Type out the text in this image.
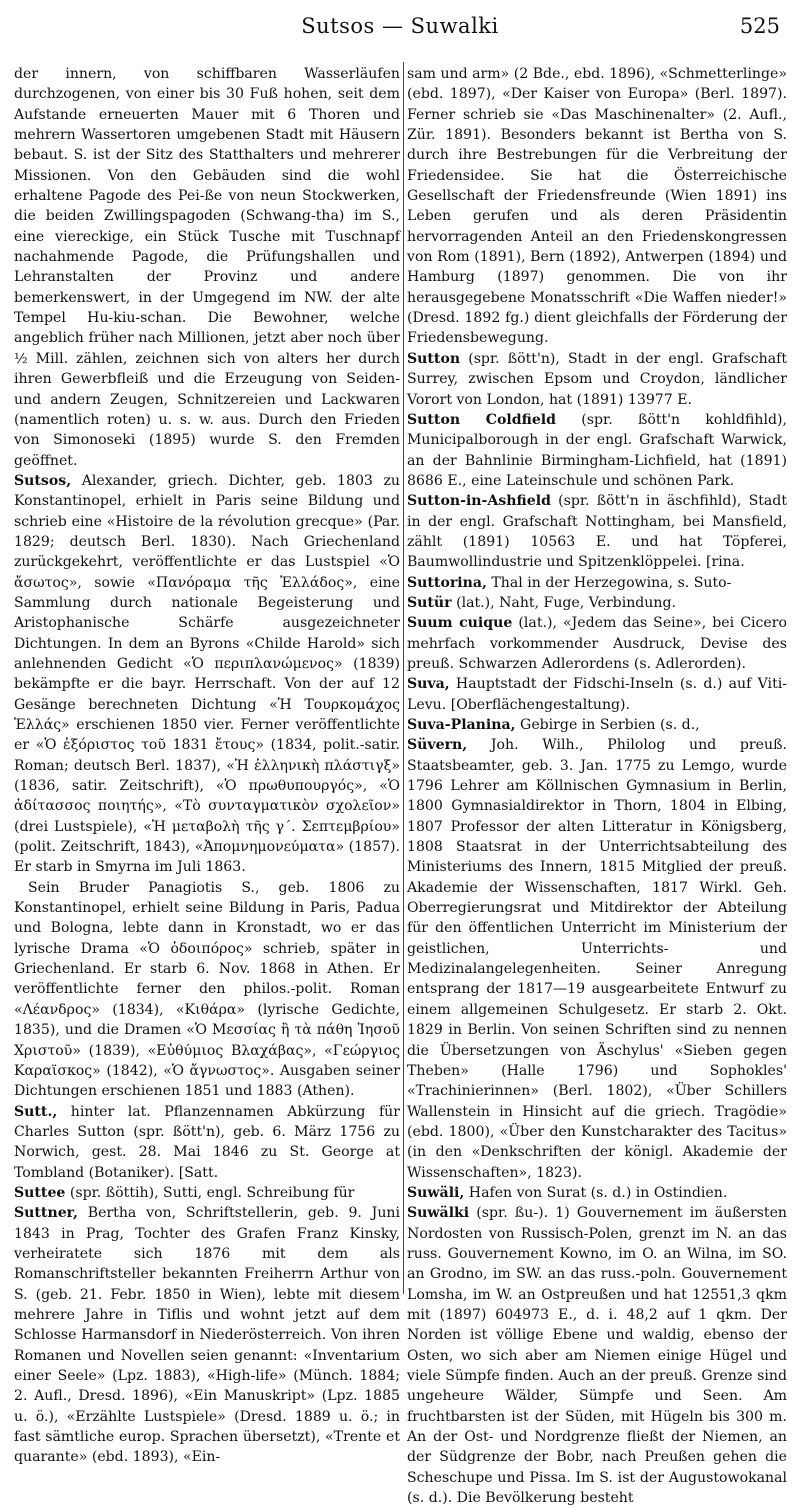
Sutsos — Suwalki	525

der innern, von schiffbaren Wasserläufen durchzogenen, von einer bis 30 Fuß hohen, seit dem Aufstande erneuerten Mauer mit 6 Thoren und mehrern Wassertoren umgebenen Stadt mit Häusern bebaut. S. ist der Sitz des Statthalters und mehrerer Missionen. Von den Gebäuden sind die wohl erhaltene Pagode des Pei-ße von neun Stockwerken, die beiden Zwillingspagoden (Schwang-tha) im S., eine viereckige, ein Stück Tusche mit Tuschnapf nachahmende Pagode, die Prüfungshallen und Lehranstalten der Provinz und andere bemerkenswert, in der Umgegend im NW. der alte Tempel Hu-kiu-schan. Die Bewohner, welche angeblich früher nach Millionen, jetzt aber noch über ½ Mill. zählen, zeichnen sich von alters her durch ihren Gewerbfleiß und die Erzeugung von Seiden- und andern Zeugen, Schnitzereien und Lackwaren (namentlich roten) u. s. w. aus. Durch den Frieden von Simonoseki (1895) wurde S. den Fremden geöffnet.

Sutsos, Alexander, griech. Dichter, geb. 1803 zu Konstantinopel, erhielt in Paris seine Bildung und schrieb eine «Histoire de la révolution grecque» (Par. 1829; deutsch Berl. 1830). Nach Griechenland zurückgekehrt, veröffentlichte er das Lustspiel «Ὁ ἄσωτος», sowie «Πανόραμα τῆς Ἑλλάδος», eine Sammlung durch nationale Begeisterung und Aristophanische Schärfe ausgezeichneter Dichtungen. In dem an Byrons «Childe Harold» sich anlehnenden Gedicht «Ὁ περιπλανώμενος» (1839) bekämpfte er die bayr. Herrschaft. Von der auf 12 Gesänge berechneten Dichtung «Ἡ Τουρκομάχος Ἑλλάς» erschienen 1850 vier. Ferner veröffentlichte er «Ὁ ἐξόριστος τοῦ 1831 ἔτους» (1834, polit.-satir. Roman; deutsch Berl. 1837), «Ἡ ἑλληνικὴ πλάστιγξ» (1836, satir. Zeitschrift), «Ὁ πρωθυπουργός», «Ὁ ἀδίτασσος ποιητής», «Τὸ συνταγματικὸν σχολεῖον» (drei Lustspiele), «Ἡ μεταβολὴ τῆς γ΄. Σεπτεμβρίου» (polit. Zeitschrift, 1843), «Ἀπομνημονεύματα» (1857). Er starb in Smyrna im Juli 1863.

Sein Bruder Panagiotis S., geb. 1806 zu Konstantinopel, erhielt seine Bildung in Paris, Padua und Bologna, lebte dann in Kronstadt, wo er das lyrische Drama «Ὁ ὁδοιπόρος» schrieb, später in Griechenland. Er starb 6. Nov. 1868 in Athen. Er veröffentlichte ferner den philos.-polit. Roman «Λέανδρος» (1834), «Κιθάρα» (lyrische Gedichte, 1835), und die Dramen «Ὁ Μεσσίας ἢ τὰ πάθη Ἰησοῦ Χριστοῦ» (1839), «Εὐθύμιος Βλαχάβας», «Γεώργιος Καραϊσκος» (1842), «Ὁ ἄγνωστος». Ausgaben seiner Dichtungen erschienen 1851 und 1883 (Athen).

Sutt., hinter lat. Pflanzennamen Abkürzung für Charles Sutton (spr. ßött'n), geb. 6. März 1756 zu Norwich, gest. 28. Mai 1846 zu St. George at Tombland (Botaniker). [Satt.

Suttee (spr. ßöttih), Sutti, engl. Schreibung für

Suttner, Bertha von, Schriftstellerin, geb. 9. Juni 1843 in Prag, Tochter des Grafen Franz Kinsky, verheiratete sich 1876 mit dem als Romanschriftsteller bekannten Freiherrn Arthur von S. (geb. 21. Febr. 1850 in Wien), lebte mit diesem mehrere Jahre in Tiflis und wohnt jetzt auf dem Schlosse Harmansdorf in Niederösterreich. Von ihren Romanen und Novellen seien genannt: «Inventarium einer Seele» (Lpz. 1883), «High-life» (Münch. 1884; 2. Aufl., Dresd. 1896), «Ein Manuskript» (Lpz. 1885 u. ö.), «Erzählte Lustspiele» (Dresd. 1889 u. ö.; in fast sämtliche europ. Sprachen übersetzt), «Trente et quarante» (ebd. 1893), «Ein-

sam und arm» (2 Bde., ebd. 1896), «Schmetterlinge» (ebd. 1897), «Der Kaiser von Europa» (Berl. 1897). Ferner schrieb sie «Das Maschinenalter» (2. Aufl., Zür. 1891). Besonders bekannt ist Bertha von S. durch ihre Bestrebungen für die Verbreitung der Friedensidee. Sie hat die Österreichische Gesellschaft der Friedensfreunde (Wien 1891) ins Leben gerufen und als deren Präsidentin hervorragenden Anteil an den Friedenskongressen von Rom (1891), Bern (1892), Antwerpen (1894) und Hamburg (1897) genommen. Die von ihr herausgegebene Monatsschrift «Die Waffen nieder!» (Dresd. 1892 fg.) dient gleichfalls der Förderung der Friedensbewegung.

Sutton (spr. ßött'n), Stadt in der engl. Grafschaft Surrey, zwischen Epsom und Croydon, ländlicher Vorort von London, hat (1891) 13977 E.

Sutton Coldfield (spr. ßött'n kohldfihld), Municipalborough in der engl. Grafschaft Warwick, an der Bahnlinie Birmingham-Lichfield, hat (1891) 8686 E., eine Lateinschule und schönen Park.

Sutton-in-Ashfield (spr. ßött'n in äschfihld), Stadt in der engl. Grafschaft Nottingham, bei Mansfield, zählt (1891) 10563 E. und hat Töpferei, Baumwollindustrie und Spitzenklöppelei. [rina.

Suttorina, Thal in der Herzegowina, s. Suto-

Sutür (lat.), Naht, Fuge, Verbindung.

Suum cuique (lat.), «Jedem das Seine», bei Cicero mehrfach vorkommender Ausdruck, Devise des preuß. Schwarzen Adlerordens (s. Adlerorden).

Suva, Hauptstadt der Fidschi-Inseln (s. d.) auf Viti-Levu. [Oberflächengestaltung).

Suva-Planina, Gebirge in Serbien (s. d.,

Süvern, Joh. Wilh., Philolog und preuß. Staatsbeamter, geb. 3. Jan. 1775 zu Lemgo, wurde 1796 Lehrer am Köllnischen Gymnasium in Berlin, 1800 Gymnasialdirektor in Thorn, 1804 in Elbing, 1807 Professor der alten Litteratur in Königsberg, 1808 Staatsrat in der Unterrichtsabteilung des Ministeriums des Innern, 1815 Mitglied der preuß. Akademie der Wissenschaften, 1817 Wirkl. Geh. Oberregierungsrat und Mitdirektor der Abteilung für den öffentlichen Unterricht im Ministerium der geistlichen, Unterrichts- und Medizinalangelegenheiten. Seiner Anregung entsprang der 1817—19 ausgearbeitete Entwurf zu einem allgemeinen Schulgesetz. Er starb 2. Okt. 1829 in Berlin. Von seinen Schriften sind zu nennen die Übersetzungen von Äschylus' «Sieben gegen Theben» (Halle 1796) und Sophokles' «Trachinierinnen» (Berl. 1802), «Über Schillers Wallenstein in Hinsicht auf die griech. Tragödie» (ebd. 1800), «Über den Kunstcharakter des Tacitus» (in den «Denkschriften der königl. Akademie der Wissenschaften», 1823).

Suwäli, Hafen von Surat (s. d.) in Ostindien.

Suwälki (spr. ßu-). 1) Gouvernement im äußersten Nordosten von Russisch-Polen, grenzt im N. an das russ. Gouvernement Kowno, im O. an Wilna, im SO. an Grodno, im SW. an das russ.-poln. Gouvernement Lomsha, im W. an Ostpreußen und hat 12551,3 qkm mit (1897) 604973 E., d. i. 48,2 auf 1 qkm. Der Norden ist völlige Ebene und waldig, ebenso der Osten, wo sich aber am Niemen einige Hügel und viele Sümpfe finden. Auch an der preuß. Grenze sind ungeheure Wälder, Sümpfe und Seen. Am fruchtbarsten ist der Süden, mit Hügeln bis 300 m. An der Ost- und Nordgrenze fließt der Niemen, an der Südgrenze der Bobr, nach Preußen gehen die Scheschupe und Pissa. Im S. ist der Augustowokanal (s. d.). Die Bevölkerung besteht
